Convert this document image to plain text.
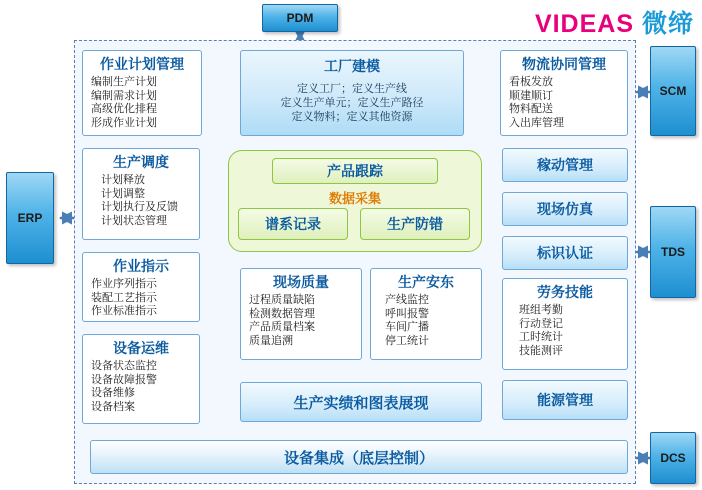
VIDEAS 微缔
PDM
SCM
ERP
TDS
DCS
作业计划管理
编制生产计划
编制需求计划
高级优化排程
形成作业计划
工厂建模
定义工厂；定义生产线
定义生产单元；定义生产路径
定义物料；定义其他资源
物流协同管理
看板发放
顺建顺订
物料配送
入出库管理
生产调度
计划释放
计划调整
计划执行及反馈
计划状态管理
产品跟踪
数据采集
谱系记录	生产防错
稼动管理
现场仿真
标识认证
作业指示
作业序列指示
装配工艺指示
作业标准指示
设备运维
设备状态监控
设备故障报警
设备维修
设备档案
现场质量
过程质量缺陷
检测数据管理
产品质量档案
质量追溯
生产安东
产线监控
呼叫报警
车间广播
停工统计
劳务技能
班组考勤
行动登记
工时统计
技能测评
能源管理
生产实绩和图表展现
设备集成（底层控制）
